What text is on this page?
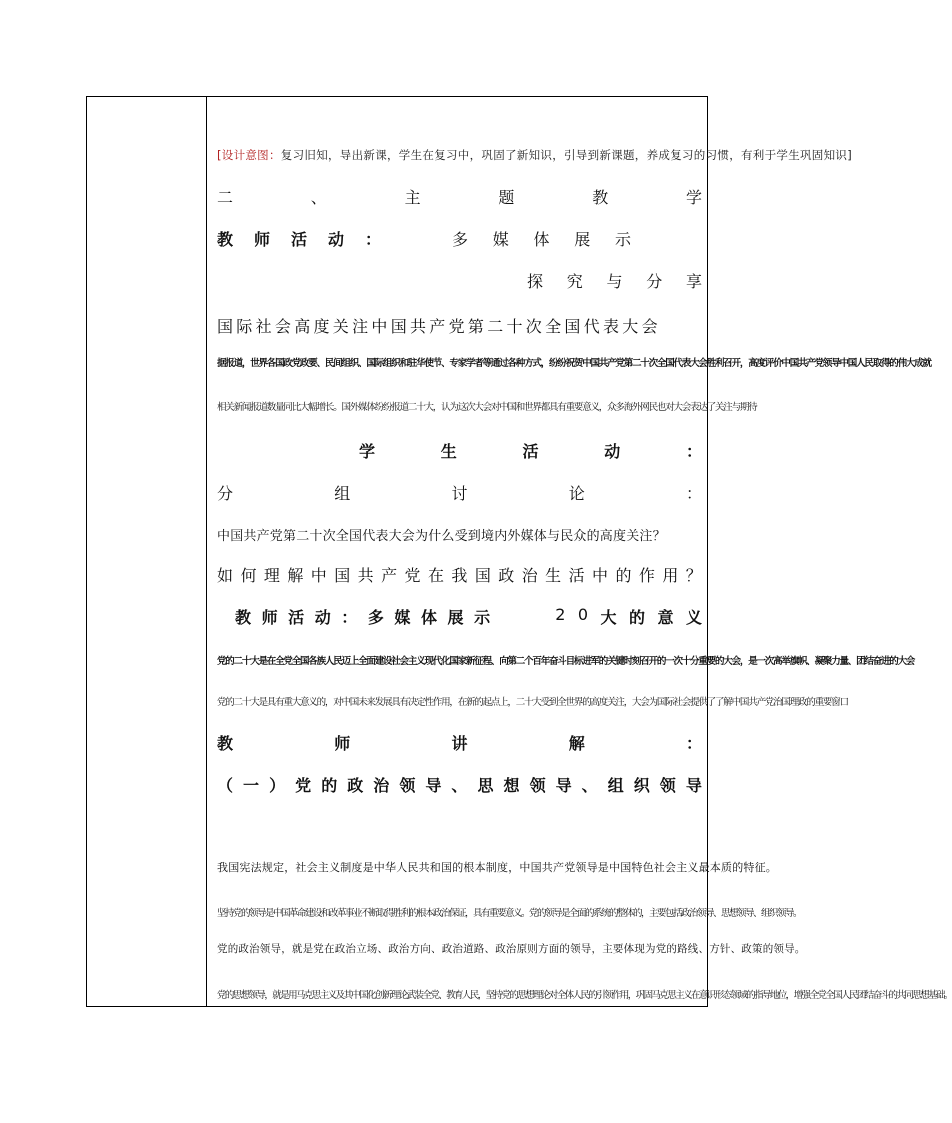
[设计意图：复习旧知，导出新课，学生在复习中，巩固了新知识，引导到新课题，养成复习的习惯，有利于学生巩固知识]
二	、	主	题	教	学
教 师 活 动 ：	多 媒 体 展 示
探 究 与 分 享
国际社会高度关注中国共产党第二十次全国代表大会
据报道，世界各国政党政要、民间组织、国际组织和驻华使节、专家学者等通过各种方式，纷纷祝贺中国共产党第二十次全国代表大会胜利召开，高度评价中国共产党领导中国人民取得的伟大成就
相关新闻报道数量同比大幅增长。国外媒体纷纷报道二十大，认为这次大会对中国和世界都具有重要意义，众多海外网民也对大会表达了关注与期待
学	生	活	动	：
分	组	讨	论	：
中国共产党第二十次全国代表大会为什么受到境内外媒体与民众的高度关注？
如 何 理 解 中 国 共 产 党 在 我 国 政 治 生 活 中 的 作 用 ？
教 师 活 动 ： 多 媒 体 展 示	2 0 大 的 意 义
党的二十大是在全党全国各族人民迈上全面建设社会主义现代化国家新征程、向第二个百年奋斗目标进军的关键时刻召开的一次十分重要的大会，是一次高举旗帜、凝聚力量、团结奋进的大会
党的二十大是具有重大意义的，对中国未来发展具有决定性作用，在新的起点上，二十大受到全世界的高度关注，大会为国际社会提供了了解中国共产党治国理政的重要窗口
教	师	讲	解	：
（ 一 ） 党 的 政 治 领 导 、 思 想 领 导 、 组 织 领 导
我国宪法规定，社会主义制度是中华人民共和国的根本制度，中国共产党领导是中国特色社会主义最本质的特征。
坚持党的领导是中国革命建设和改革事业不断取得胜利的根本政治保证，具有重要意义。党的领导是全面的系统的整体的，主要包括政治领导、思想领导、组织领导。
党的政治领导，就是党在政治立场、政治方向、政治道路、政治原则方面的领导，主要体现为党的路线、方针、政策的领导。
党的思想领导，就是用马克思主义及其中国化创新理论武装全党、教育人民，坚持党的思想理论对全体人民的引领作用，巩固马克思主义在意识形态领域的指导地位，增强全党全国人民团结奋斗的共同思想基础。
